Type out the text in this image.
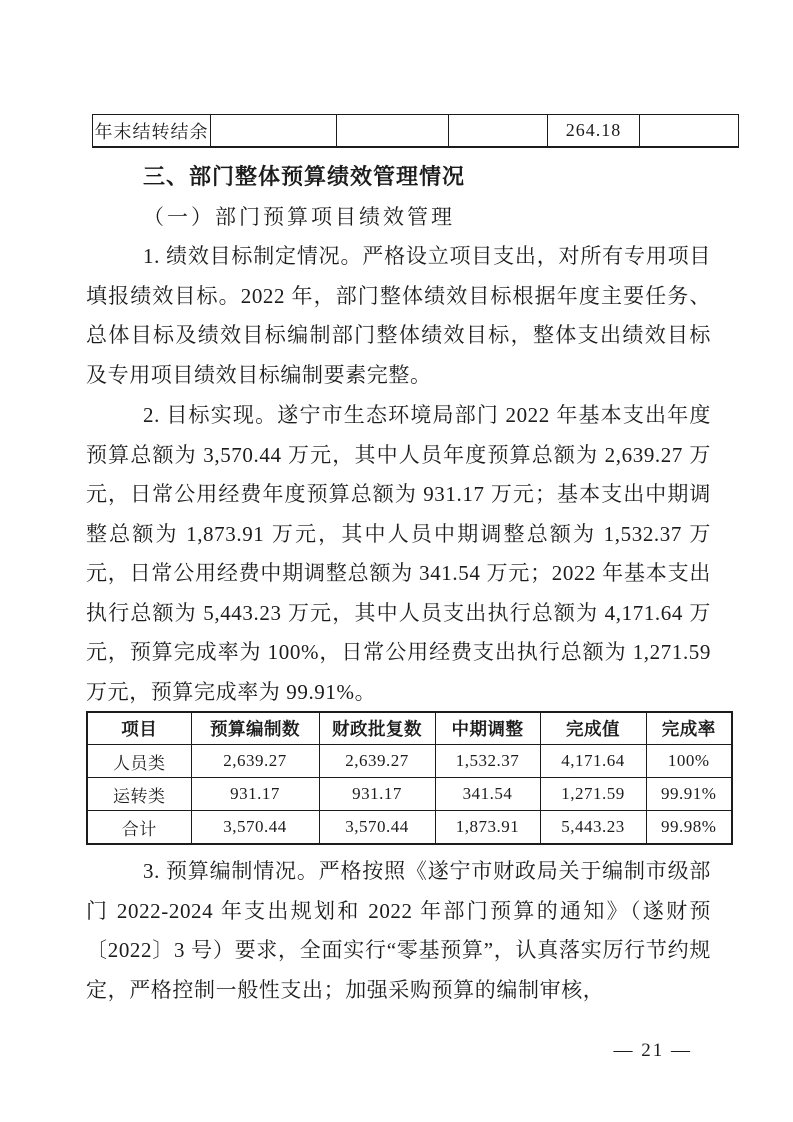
年末结转结余				264.18	
三、部门整体预算绩效管理情况
（一）部门预算项目绩效管理

1. 绩效目标制定情况。严格设立项目支出，对所有专用项目填报绩效目标。2022 年，部门整体绩效目标根据年度主要任务、总体目标及绩效目标编制部门整体绩效目标，整体支出绩效目标及专用项目绩效目标编制要素完整。

2. 目标实现。遂宁市生态环境局部门 2022 年基本支出年度预算总额为 3,570.44 万元，其中人员年度预算总额为 2,639.27 万元，日常公用经费年度预算总额为 931.17 万元；基本支出中期调整总额为 1,873.91 万元，其中人员中期调整总额为 1,532.37 万元，日常公用经费中期调整总额为 341.54 万元；2022 年基本支出执行总额为 5,443.23 万元，其中人员支出执行总额为 4,171.64 万元，预算完成率为 100%，日常公用经费支出执行总额为 1,271.59 万元，预算完成率为 99.91%。

项目	预算编制数	财政批复数	中期调整	完成值	完成率
人员类	2,639.27	2,639.27	1,532.37	4,171.64	100%
运转类	931.17	931.17	341.54	1,271.59	99.91%
合计	3,570.44	3,570.44	1,873.91	5,443.23	99.98%

3. 预算编制情况。严格按照《遂宁市财政局关于编制市级部门 2022-2024 年支出规划和 2022 年部门预算的通知》（遂财预〔2022〕3 号）要求，全面实行“零基预算”，认真落实厉行节约规定，严格控制一般性支出；加强采购预算的编制审核，

— 21 —
